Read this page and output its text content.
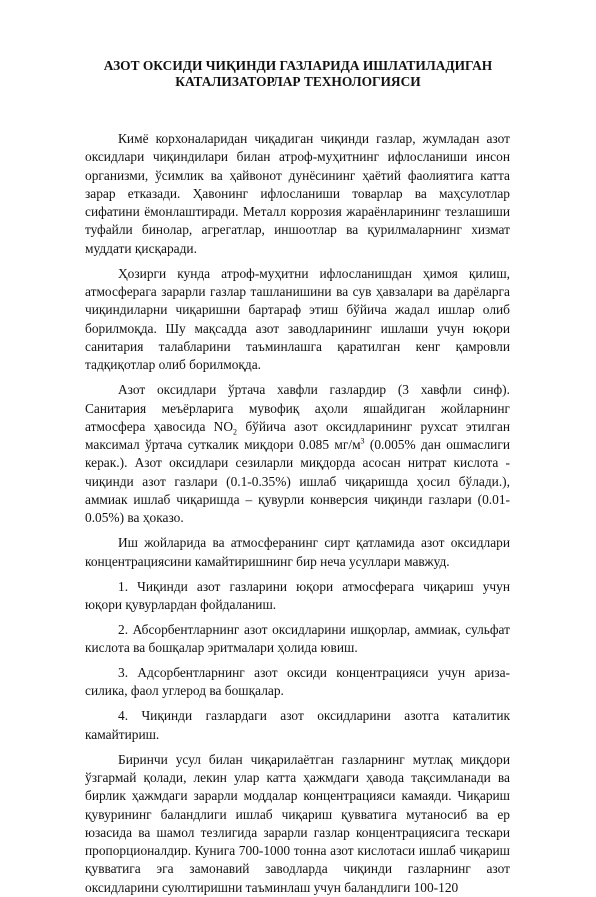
АЗОТ ОКСИДИ ЧИҚИНДИ ГАЗЛАРИДА ИШЛАТИЛАДИГАН
КАТАЛИЗАТОРЛАР ТЕХНОЛОГИЯСИ

Кимё корхоналаридан чиқадиган чиқинди газлар, жумладан азот оксидлари чиқиндилари билан атроф-муҳитнинг ифлосланиши инсон организми, ўсимлик ва ҳайвонот дунёсининг ҳаётий фаолиятига катта зарар етказади. Ҳавонинг ифлосланиши товарлар ва маҳсулотлар сифатини ёмонлаштиради. Металл коррозия жараёнларининг тезлашиши туфайли бинолар, агрегатлар, иншоотлар ва қурилмаларнинг хизмат муддати қисқаради.

Ҳозирги кунда атроф-муҳитни ифлосланишдан ҳимоя қилиш, атмосферага зарарли газлар ташланишини ва сув ҳавзалари ва дарёларга чиқиндиларни чиқаришни бартараф этиш бўйича жадал ишлар олиб борилмоқда. Шу мақсадда азот заводларининг ишлаши учун юқори санитария талабларини таъминлашга қаратилган кенг қамровли тадқиқотлар олиб борилмоқда.

Азот оксидлари ўртача хавфли газлардир (3 хавфли синф). Санитария меъёрларига мувофиқ аҳоли яшайдиган жойларнинг атмосфера ҳавосида $NO_2$ бўйича азот оксидларининг рухсат этилган максимал ўртача суткалик миқдори 0.085 $мг/м^3$ (0.005% дан ошмаслиги керак.). Азот оксидлари сезиларли миқдорда асосан нитрат кислота - чиқинди азот газлари (0.1-0.35%) ишлаб чиқаришда ҳосил бўлади.), аммиак ишлаб чиқаришда – қувурли конверсия чиқинди газлари (0.01-0.05%) ва ҳоказо.

Иш жойларида ва атмосферанинг сирт қатламида азот оксидлари концентрациясини камайтиришнинг бир неча усуллари мавжуд.

1. Чиқинди азот газларини юқори атмосферага чиқариш учун юқори қувурлардан фойдаланиш.

2. Абсорбентларнинг азот оксидларини ишқорлар, аммиак, сульфат кислота ва бошқалар эритмалари ҳолида ювиш.

3. Адсорбентларнинг азот оксиди концентрацияси учун ариза-силика, фаол углерод ва бошқалар.

4. Чиқинди газлардаги азот оксидларини азотга каталитик камайтириш.

Биринчи усул билан чиқарилаётган газларнинг мутлақ миқдори ўзгармай қолади, лекин улар катта ҳажмдаги ҳавода тақсимланади ва бирлик ҳажмдаги зарарли моддалар концентрацияси камаяди. Чиқариш қувурининг баландлиги ишлаб чиқариш қувватига мутаносиб ва ер юзасида ва шамол тезлигида зарарли газлар концентрациясига тескари пропорционалдир. Кунига 700-1000 тонна азот кислотаси ишлаб чиқариш қувватига эга замонавий заводларда чиқинди газларнинг азот оксидларини суюлтиришни таъминлаш учун баландлиги 100-120
